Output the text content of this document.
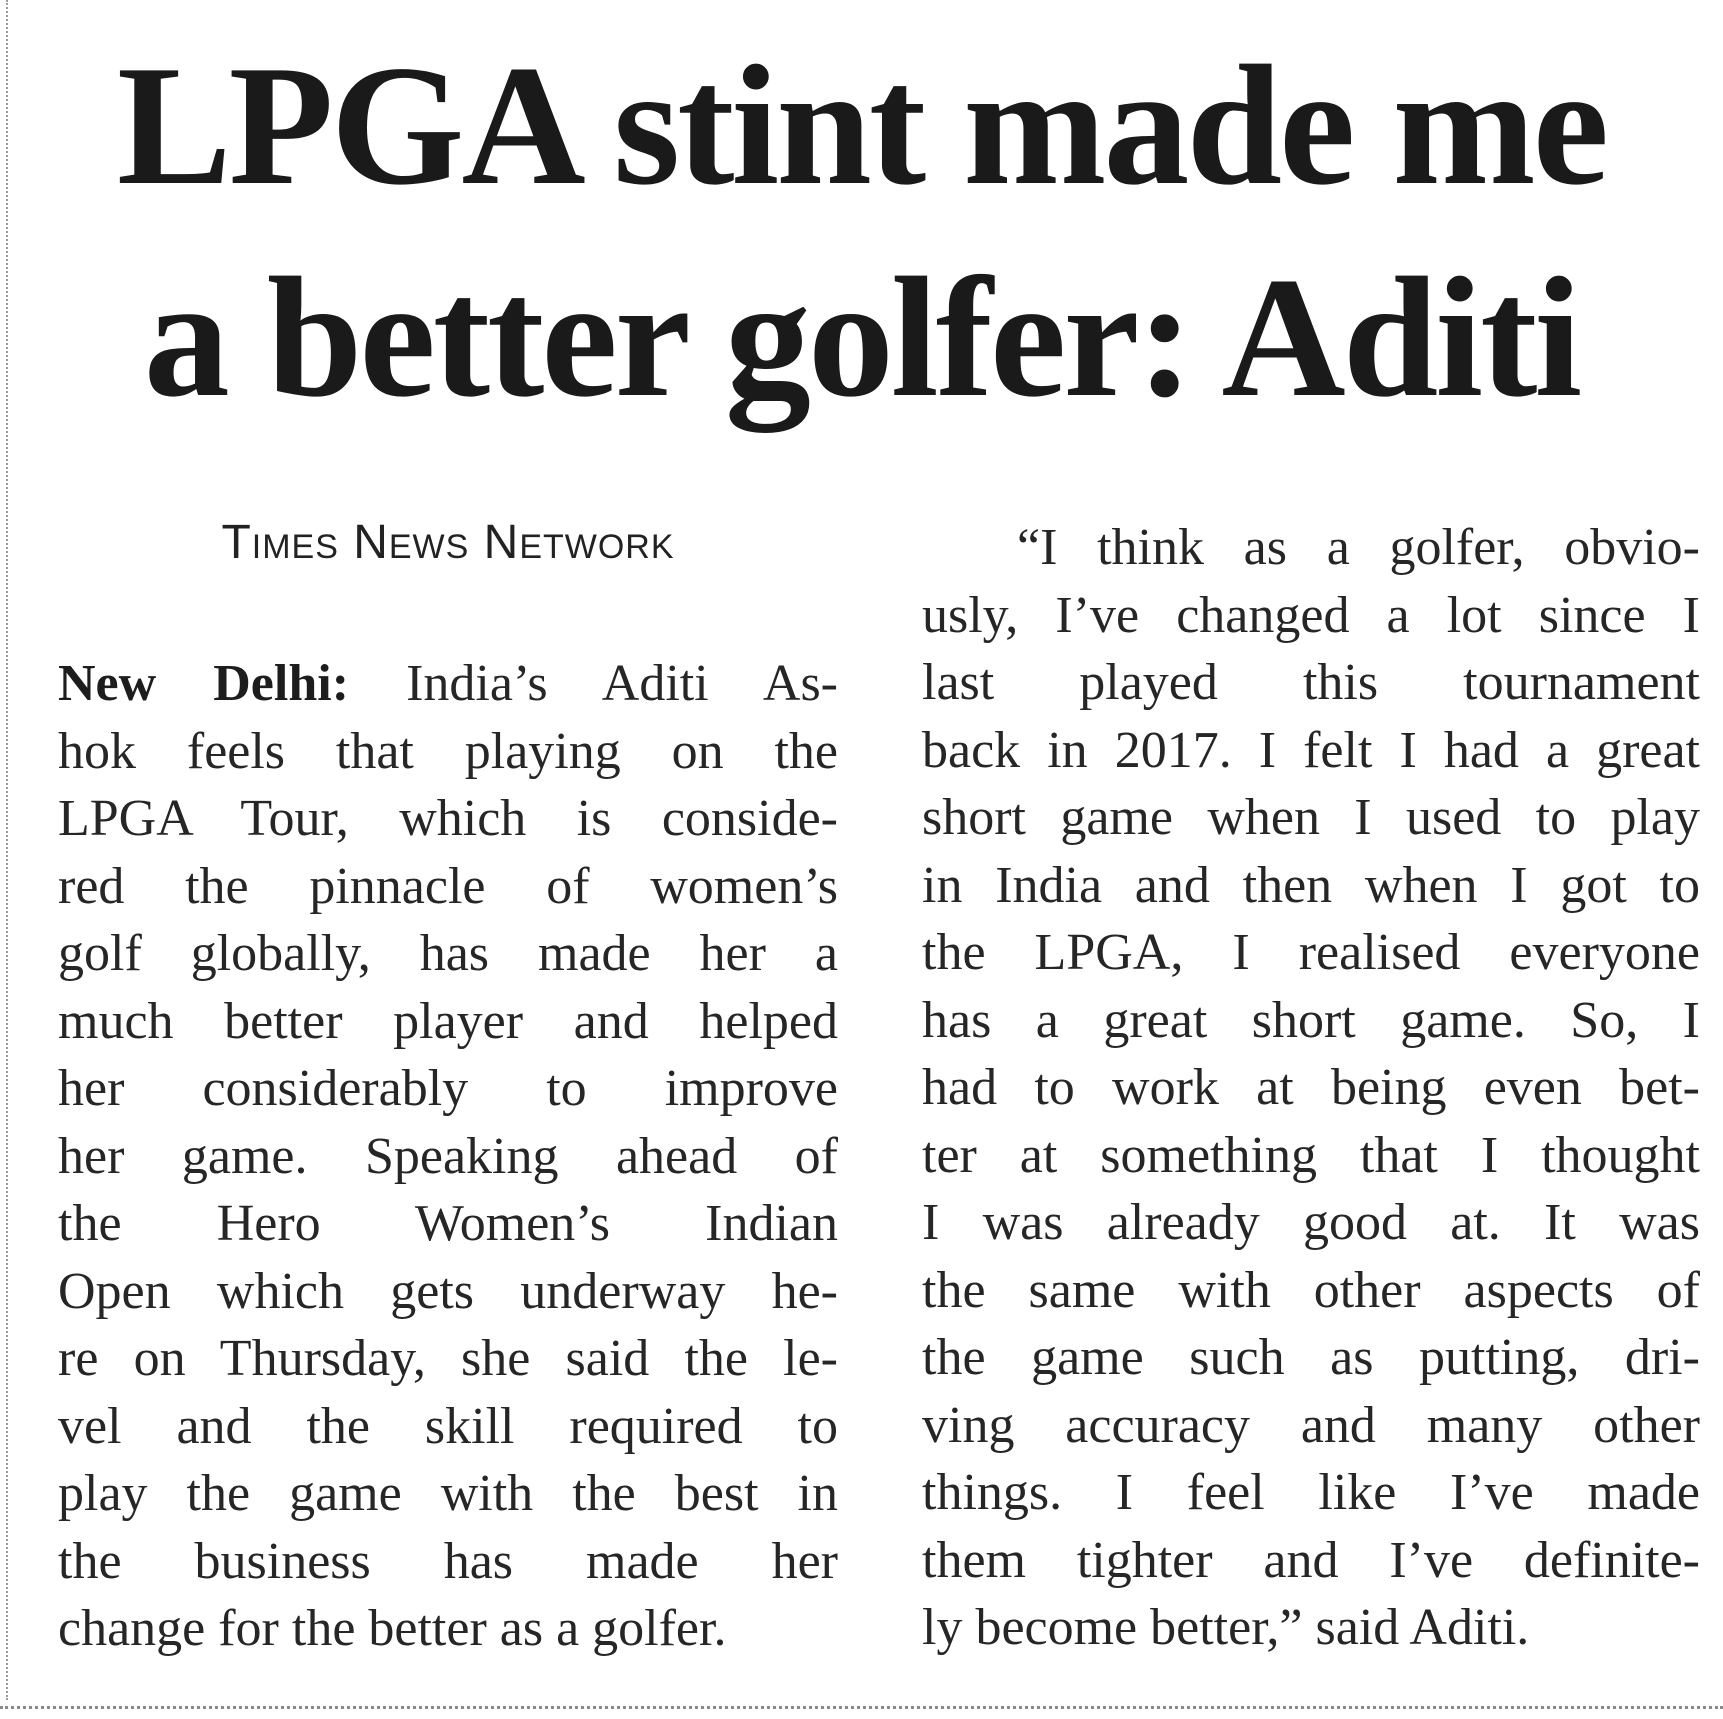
LPGA stint made me
a better golfer: Aditi

Times News Network

New Delhi: India’s Aditi As-
hok feels that playing on the
LPGA Tour, which is conside-
red the pinnacle of women’s
golf globally, has made her a
much better player and helped
her considerably to improve
her game. Speaking ahead of
the Hero Women’s Indian
Open which gets underway he-
re on Thursday, she said the le-
vel and the skill required to
play the game with the best in
the business has made her
change for the better as a golfer.
“I think as a golfer, obvio-
usly, I’ve changed a lot since I
last played this tournament
back in 2017. I felt I had a great
short game when I used to play
in India and then when I got to
the LPGA, I realised everyone
has a great short game. So, I
had to work at being even bet-
ter at something that I thought
I was already good at. It was
the same with other aspects of
the game such as putting, dri-
ving accuracy and many other
things. I feel like I’ve made
them tighter and I’ve definite-
ly become better,” said Aditi.
